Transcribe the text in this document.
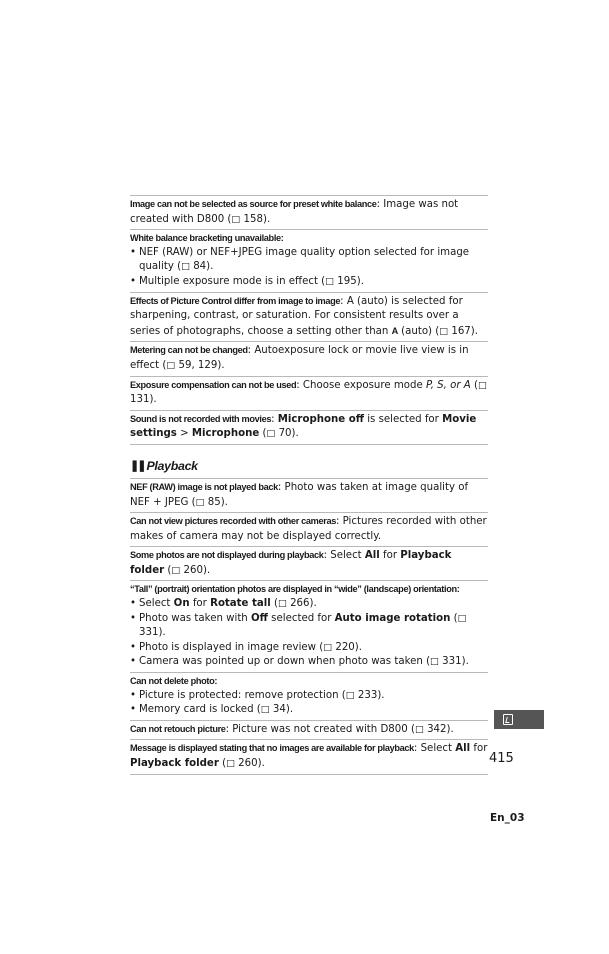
Image can not be selected as source for preset white balance: Image was not created with D800 (□ 158).
White balance bracketing unavailable:
• NEF (RAW) or NEF+JPEG image quality option selected for image quality (□ 84).
• Multiple exposure mode is in effect (□ 195).
Effects of Picture Control differ from image to image: A (auto) is selected for sharpening, contrast, or saturation. For consistent results over a series of photographs, choose a setting other than A (auto) (□ 167).
Metering can not be changed: Autoexposure lock or movie live view is in effect (□ 59, 129).
Exposure compensation can not be used: Choose exposure mode P, S, or A (□ 131).
Sound is not recorded with movies: Microphone off is selected for Movie settings > Microphone (□ 70).
❚❚ Playback
NEF (RAW) image is not played back: Photo was taken at image quality of NEF + JPEG (□ 85).
Can not view pictures recorded with other cameras: Pictures recorded with other makes of camera may not be displayed correctly.
Some photos are not displayed during playback: Select All for Playback folder (□ 260).
“Tall” (portrait) orientation photos are displayed in “wide” (landscape) orientation:
• Select On for Rotate tall (□ 266).
• Photo was taken with Off selected for Auto image rotation (□ 331).
• Photo is displayed in image review (□ 220).
• Camera was pointed up or down when photo was taken (□ 331).
Can not delete photo:
• Picture is protected: remove protection (□ 233).
• Memory card is locked (□ 34).
Can not retouch picture: Picture was not created with D800 (□ 342).
Message is displayed stating that no images are available for playback: Select All for Playback folder (□ 260).	415
En_03
